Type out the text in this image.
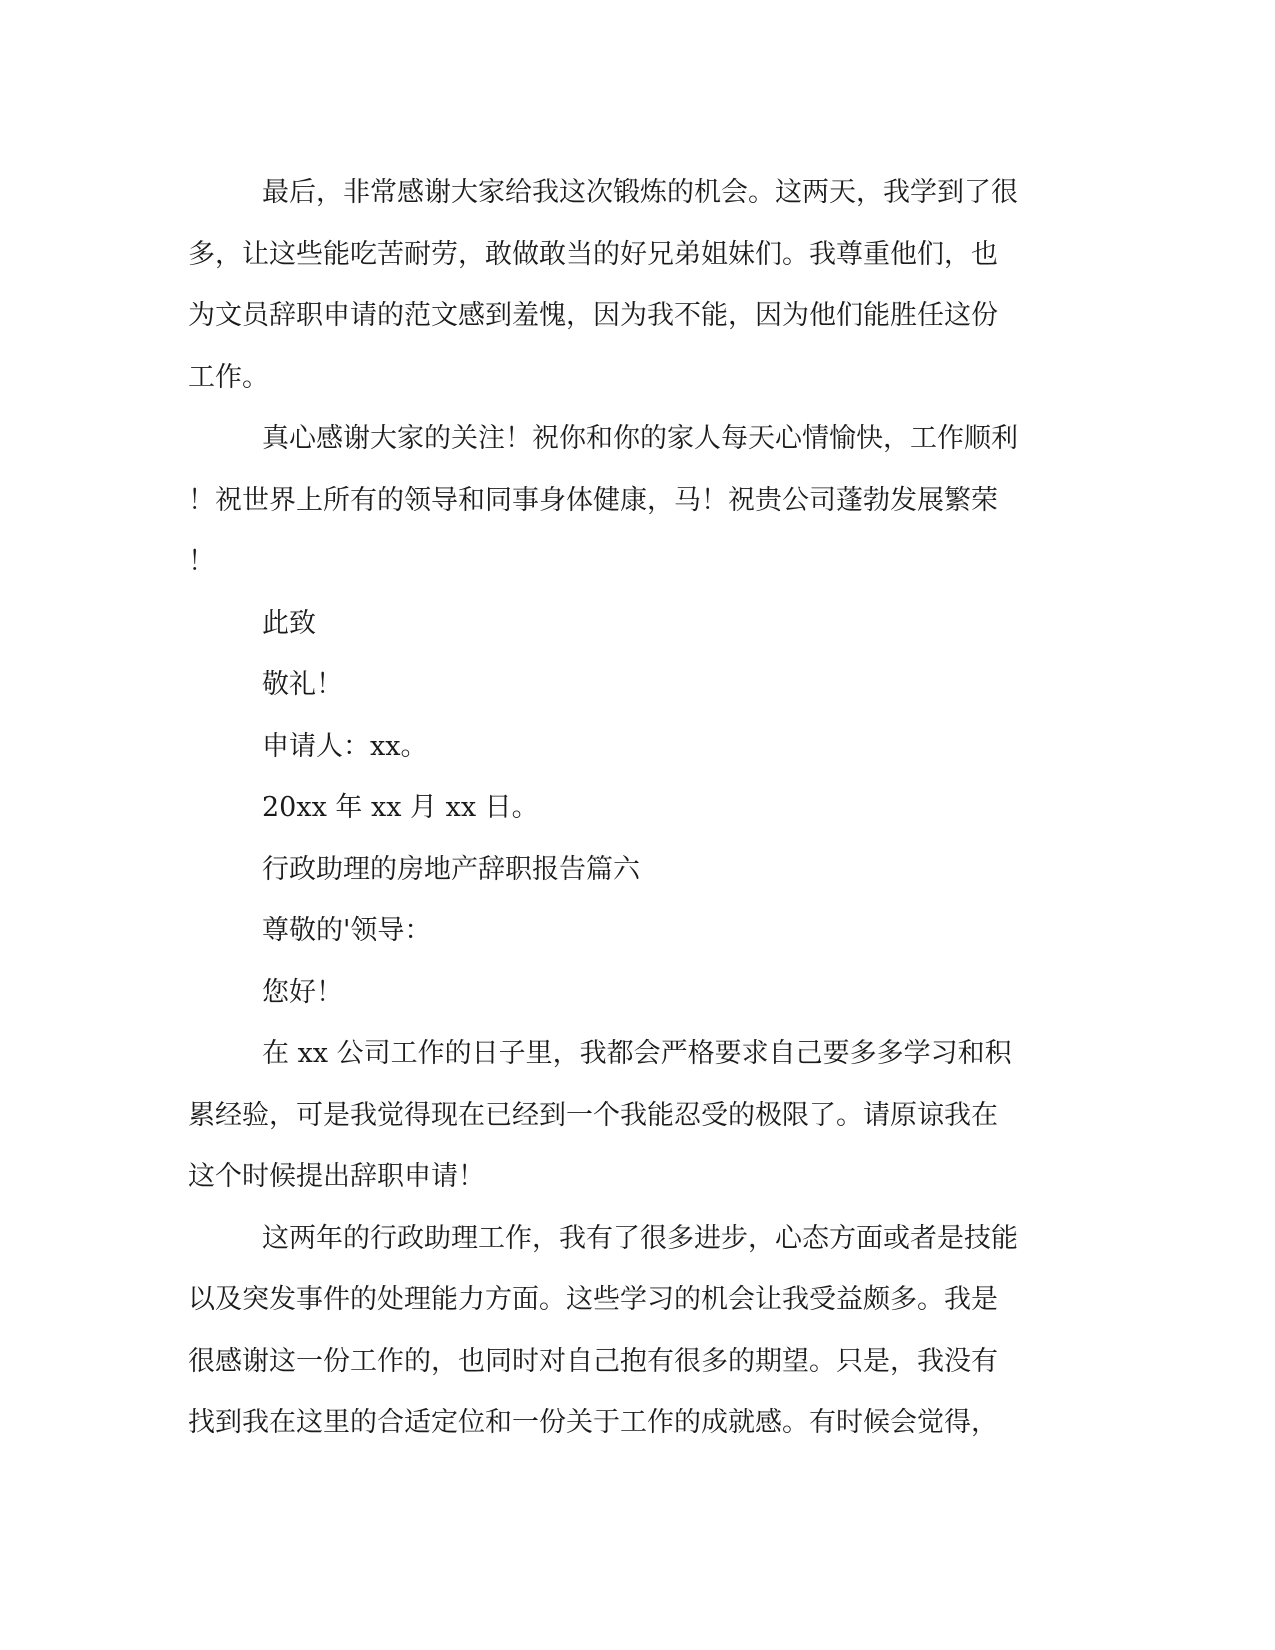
最后，非常感谢大家给我这次锻炼的机会。这两天，我学到了很
多，让这些能吃苦耐劳，敢做敢当的好兄弟姐妹们。我尊重他们，也
为文员辞职申请的范文感到羞愧，因为我不能，因为他们能胜任这份
工作。

真心感谢大家的关注！祝你和你的家人每天心情愉快，工作顺利
！祝世界上所有的领导和同事身体健康，马！祝贵公司蓬勃发展繁荣
！

此致

敬礼！

申请人：xx。

20xx 年 xx 月 xx 日。

行政助理的房地产辞职报告篇六

尊敬的'领导：

您好！

在 xx 公司工作的日子里，我都会严格要求自己要多多学习和积
累经验，可是我觉得现在已经到一个我能忍受的极限了。请原谅我在
这个时候提出辞职申请！

这两年的行政助理工作，我有了很多进步，心态方面或者是技能
以及突发事件的处理能力方面。这些学习的机会让我受益颇多。我是
很感谢这一份工作的，也同时对自己抱有很多的期望。只是，我没有
找到我在这里的合适定位和一份关于工作的成就感。有时候会觉得，
